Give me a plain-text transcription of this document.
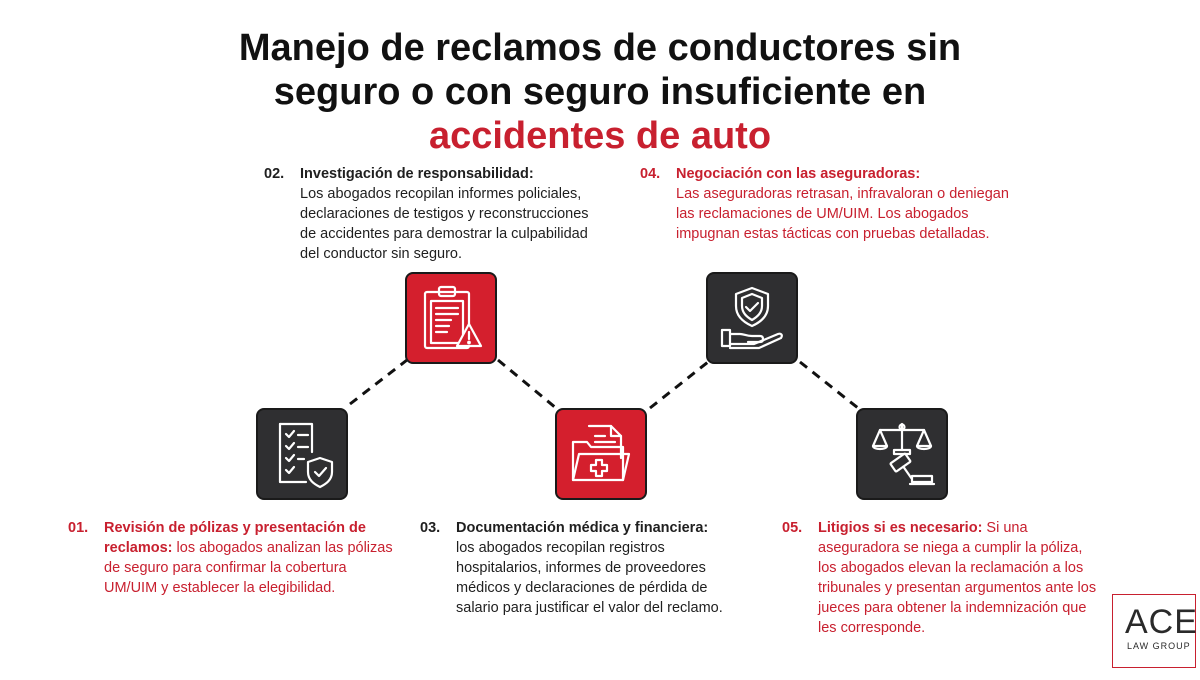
Manejo de reclamos de conductores sin
seguro o con seguro insuficiente en
accidentes de auto
01. Revisión de pólizas y presentación de reclamos: los abogados analizan las pólizas de seguro para confirmar la cobertura UM/UIM y establecer la elegibilidad.
02. Investigación de responsabilidad:
Los abogados recopilan informes policiales, declaraciones de testigos y reconstrucciones de accidentes para demostrar la culpabilidad del conductor sin seguro.
03. Documentación médica y financiera:
los abogados recopilan registros hospitalarios, informes de proveedores médicos y declaraciones de pérdida de salario para justificar el valor del reclamo.
04. Negociación con las aseguradoras:
Las aseguradoras retrasan, infravaloran o deniegan las reclamaciones de UM/UIM. Los abogados impugnan estas tácticas con pruebas detalladas.
05. Litigios si es necesario: Si una aseguradora se niega a cumplir la póliza, los abogados elevan la reclamación a los tribunales y presentan argumentos ante los jueces para obtener la indemnización que les corresponde.	ACE
LAW GROUP
